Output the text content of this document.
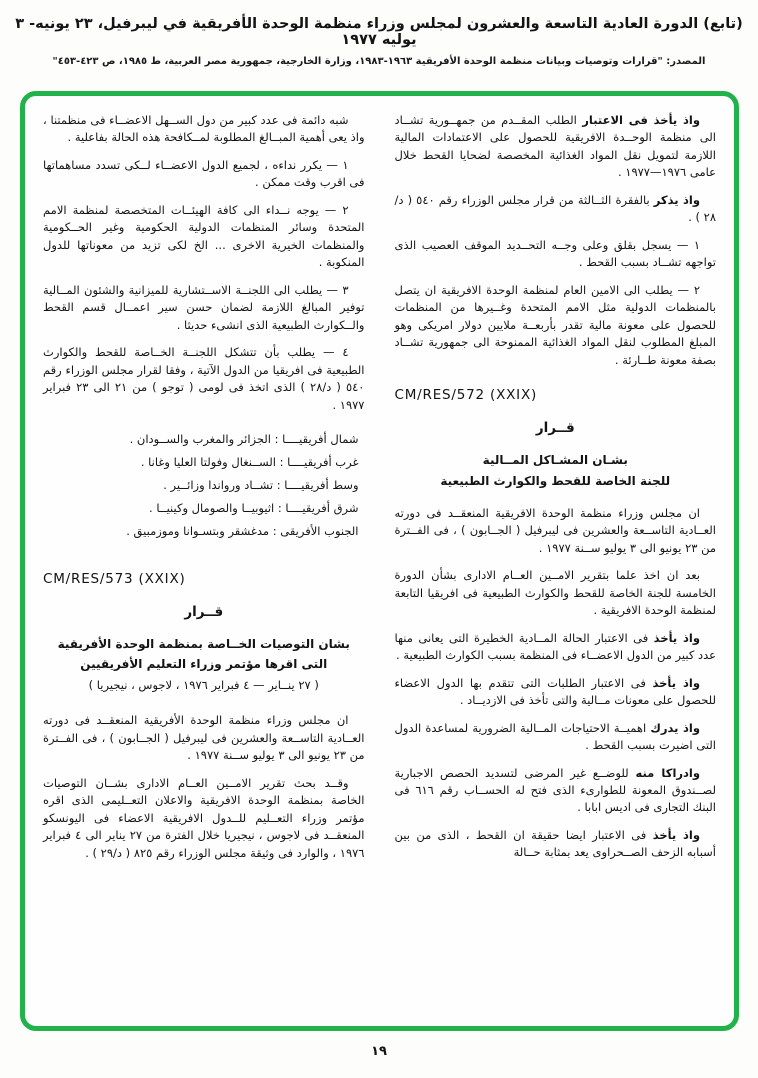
(تابع) الدورة العادية التاسعة والعشرون لمجلس وزراء منظمة الوحدة الأفريقية في ليبرفيل، ٢٣ يونيه- ٣ يوليه ١٩٧٧
المصدر: "قرارات وتوصيات وبيانات منظمة الوحدة الأفريقية ١٩٦٣-١٩٨٣، وزارة الخارجية، جمهورية مصر العربية، ط ١٩٨٥، ص ٤٢٣-٤٥٣"

واذ يأخذ فى الاعتبار الطلب المقــدم من جمهــورية تشــاد الى منظمة الوحــدة الافريقية للحصول على الاعتمادات المالية اللازمة لتمويل نقل المواد الغذائية المخصصة لضحايا القحط خلال عامى ١٩٧٦—١٩٧٧ .

واذ يذكر بالفقرة الثــالثة من قرار مجلس الوزراء رقم ٥٤٠ ( د/٢٨ ) .

١ — يسجل بقلق وعلى وجــه التحــديد الموقف العصيب الذى تواجهه تشــاد بسبب القحط .

٢ — يطلب الى الامين العام لمنظمة الوحدة الافريقية ان يتصل بالمنظمات الدولية مثل الامم المتحدة وغــيرها من المنظمات للحصول على معونة مالية تقدر بأربعــة ملايين دولار امريكى وهو المبلغ المطلوب لنقل المواد الغذائية الممنوحة الى جمهورية تشــاد بصفة معونة طــارئة .

CM/RES/572 (XXIX)
قــرار
بشـان المشـاكل المــالية
للجنة الخاصة للقحط والكوارث الطبيعية

ان مجلس وزراء منظمة الوحدة الافريقية المنعقــد فى دورته العــادية التاســعة والعشرين فى ليبرفيل ( الجــابون ) ، فى الفــترة من ٢٣ يونيو الى ٣ يوليو ســنة ١٩٧٧ .

بعد ان اخذ علما بتقرير الامــين العــام الادارى بشأن الدورة الخامسة للجنة الخاصة للقحط والكوارث الطبيعية فى افريقيا التابعة لمنظمة الوحدة الافريقية .

واذ يأخذ فى الاعتبار الحالة المــادية الخطيرة التى يعانى منها عدد كبير من الدول الاعضــاء فى المنظمة بسبب الكوارث الطبيعية .

واذ يأخذ فى الاعتبار الطلبات التى تتقدم بها الدول الاعضاء للحصول على معونات مــالية والتى تأخذ فى الازديــاد .

واذ يدرك اهميــة الاحتياجات المــالية الضرورية لمساعدة الدول التى اضيرت بسبب القحط .

وادراكا منه للوضــع غير المرضى لتسديد الحصص الاجبارية لصــندوق المعونة للطوارىء الذى فتح له الحســاب رقم ٦١٦ فى البنك التجارى فى اديس ابابا .

واذ يأخذ فى الاعتبار ايضا حقيقة ان القحط ، الذى من بين أسبابه الزحف الصــحراوى يعد بمثابة حــالة

شبه دائمة فى عدد كبير من دول الســهل الاعضــاء فى منظمتنا ، واذ يعى أهمية المبــالغ المطلوبة لمــكافحة هذه الحالة بفاعلية .

١ — يكرر نداءه ، لجميع الدول الاعضــاء لــكى تسدد مساهماتها فى اقرب وقت ممكن .

٢ — يوجه نــداء الى كافة الهيئــات المتخصصة لمنظمة الامم المتحدة وسائر المنظمات الدولية الحكومية وغير الحــكومية والمنظمات الخيرية الاخرى ... الخ لكى تزيد من معوناتها للدول المنكوبة .

٣ — يطلب الى اللجنــة الاســتشارية للميزانية والشئون المــالية توفير المبالغ اللازمة لضمان حسن سير اعمــال قسم القحط والــكوارث الطبيعية الذى انشىء حديثا .

٤ — يطلب بأن تتشكل اللجنــة الخــاصة للقحط والكوارث الطبيعية فى افريقيا من الدول الآتية ، وفقا لقرار مجلس الوزراء رقم ٥٤٠ ( د/٢٨ ) الذى اتخذ فى لومى ( توجو ) من ٢١ الى ٢٣ فبراير ١٩٧٧ .

شمال أفريقيــــا : الجزائر والمغرب والســودان .
غرب أفريقيــــا : الســنغال وفولتا العليا وغانا .
وسط أفريقيــــا : تشــاد ورواندا وزائــير .
شرق أفريقيــــا : اثيوبيــا والصومال وكينيــا .
الجنوب الأفريقى : مدغشقر وبتسـوانا وموزمبيق .
CM/RES/573 (XXIX)
قــرار
بشان التوصيات الخــاصة بمنظمة الوحدة الأفريقية
التى اقرها مؤتمر وزراء التعليم الأفريقيين
( ٢٧ ينــاير — ٤ فبراير ١٩٧٦ ، لاجوس ، نيجيريا )

ان مجلس وزراء منظمة الوحدة الأفريقية المنعقــد فى دورته العــادية التاســعة والعشرين فى ليبرفيل ( الجــابون ) ، فى الفــترة من ٢٣ يونيو الى ٣ يوليو ســنة ١٩٧٧ .

وقــد بحث تقرير الامــين العــام الادارى بشــان التوصيات الخاصة بمنظمة الوحدة الافريقية والاعلان التعــليمى الذى اقره مؤتمر وزراء التعــليم للــدول الافريقية الاعضاء فى اليونسكو المنعقــد فى لاجوس ، نيجيريا خلال الفترة من ٢٧ يناير الى ٤ فبراير ١٩٧٦ ، والوارد فى وثيقة مجلس الوزراء رقم ٨٢٥ ( د/٢٩ ) .

١٩
